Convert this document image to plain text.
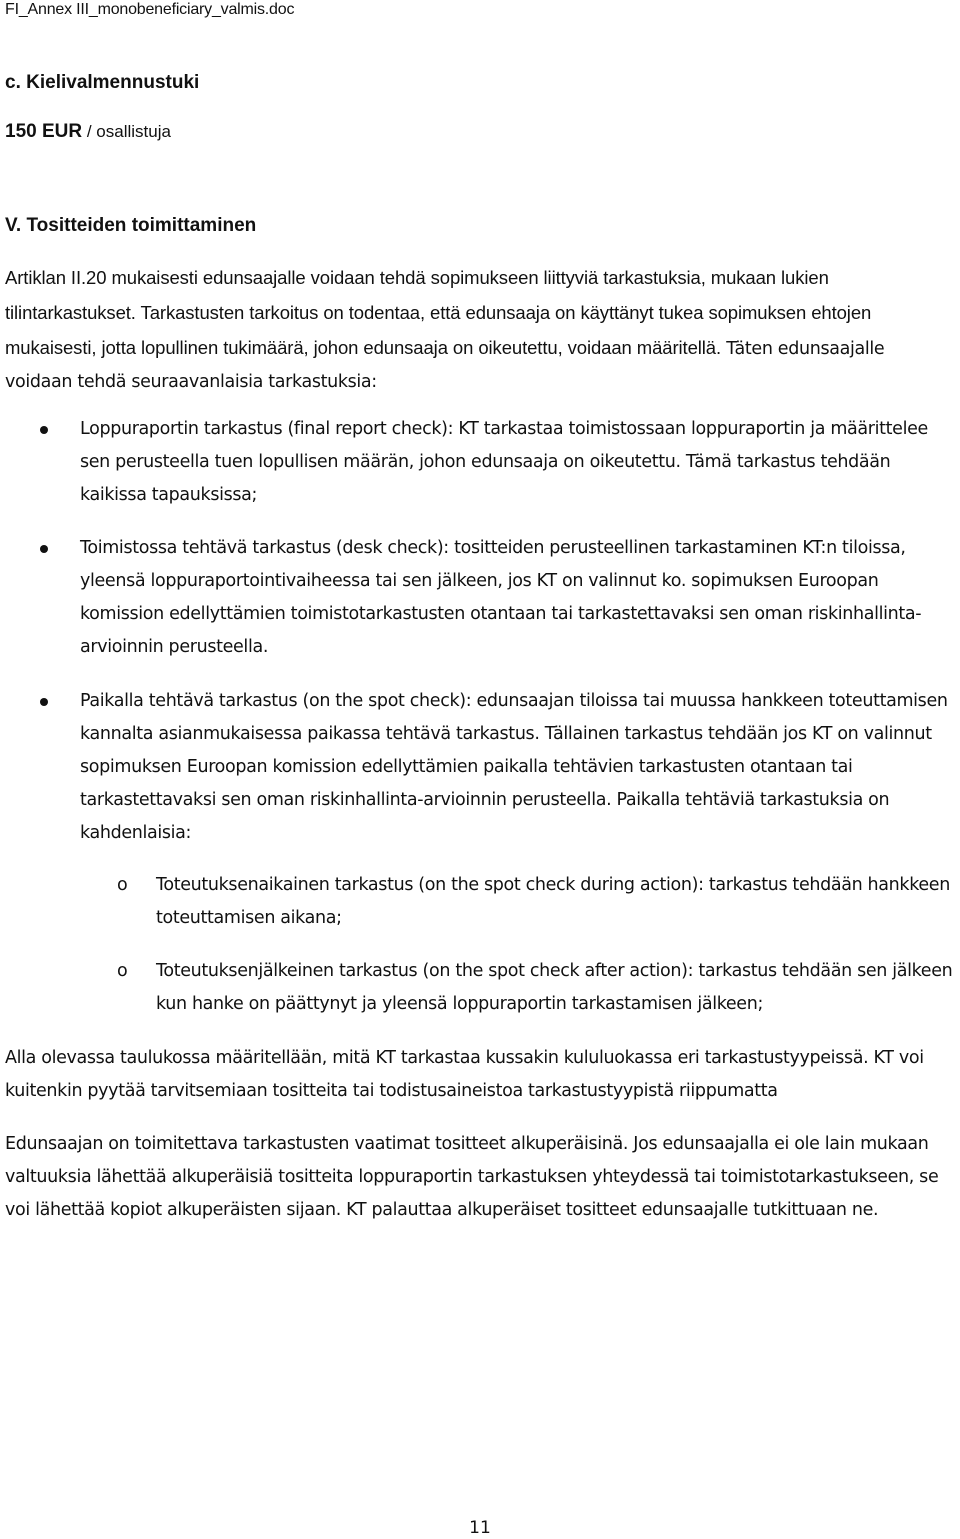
FI_Annex III_monobeneficiary_valmis.doc
c. Kielivalmennustuki
150 EUR / osallistuja
V. Tositteiden toimittaminen

Artiklan II.20 mukaisesti edunsaajalle voidaan tehdä sopimukseen liittyviä tarkastuksia, mukaan lukien tilintarkastukset. Tarkastusten tarkoitus on todentaa, että edunsaaja on käyttänyt tukea sopimuksen ehtojen mukaisesti, jotta lopullinen tukimäärä, johon edunsaaja on oikeutettu, voidaan määritellä. Täten edunsaajalle voidaan tehdä seuraavanlaisia tarkastuksia:

Loppuraportin tarkastus (final report check): KT tarkastaa toimistossaan loppuraportin ja määrittelee sen perusteella tuen lopullisen määrän, johon edunsaaja on oikeutettu. Tämä tarkastus tehdään kaikissa tapauksissa;

Toimistossa tehtävä tarkastus (desk check): tositteiden perusteellinen tarkastaminen KT:n tiloissa, yleensä loppuraportointivaiheessa tai sen jälkeen, jos KT on valinnut ko. sopimuksen Euroopan komission edellyttämien toimistotarkastusten otantaan tai tarkastettavaksi sen oman riskinhallinta-arvioinnin perusteella.

Paikalla tehtävä tarkastus (on the spot check): edunsaajan tiloissa tai muussa hankkeen toteuttamisen kannalta asianmukaisessa paikassa tehtävä tarkastus. Tällainen tarkastus tehdään jos KT on valinnut sopimuksen Euroopan komission edellyttämien paikalla tehtävien tarkastusten otantaan tai tarkastettavaksi sen oman riskinhallinta-arvioinnin perusteella. Paikalla tehtäviä tarkastuksia on kahdenlaisia:

o Toteutuksenaikainen tarkastus (on the spot check during action): tarkastus tehdään hankkeen toteuttamisen aikana;

o Toteutuksenjälkeinen tarkastus (on the spot check after action): tarkastus tehdään sen jälkeen kun hanke on päättynyt ja yleensä loppuraportin tarkastamisen jälkeen;

Alla olevassa taulukossa määritellään, mitä KT tarkastaa kussakin kululuokassa eri tarkastustyypeissä. KT voi kuitenkin pyytää tarvitsemiaan tositteita tai todistusaineistoa tarkastustyypistä riippumatta

Edunsaajan on toimitettava tarkastusten vaatimat tositteet alkuperäisinä. Jos edunsaajalla ei ole lain mukaan valtuuksia lähettää alkuperäisiä tositteita loppuraportin tarkastuksen yhteydessä tai toimistotarkastukseen, se voi lähettää kopiot alkuperäisten sijaan. KT palauttaa alkuperäiset tositteet edunsaajalle tutkittuaan ne.

11
